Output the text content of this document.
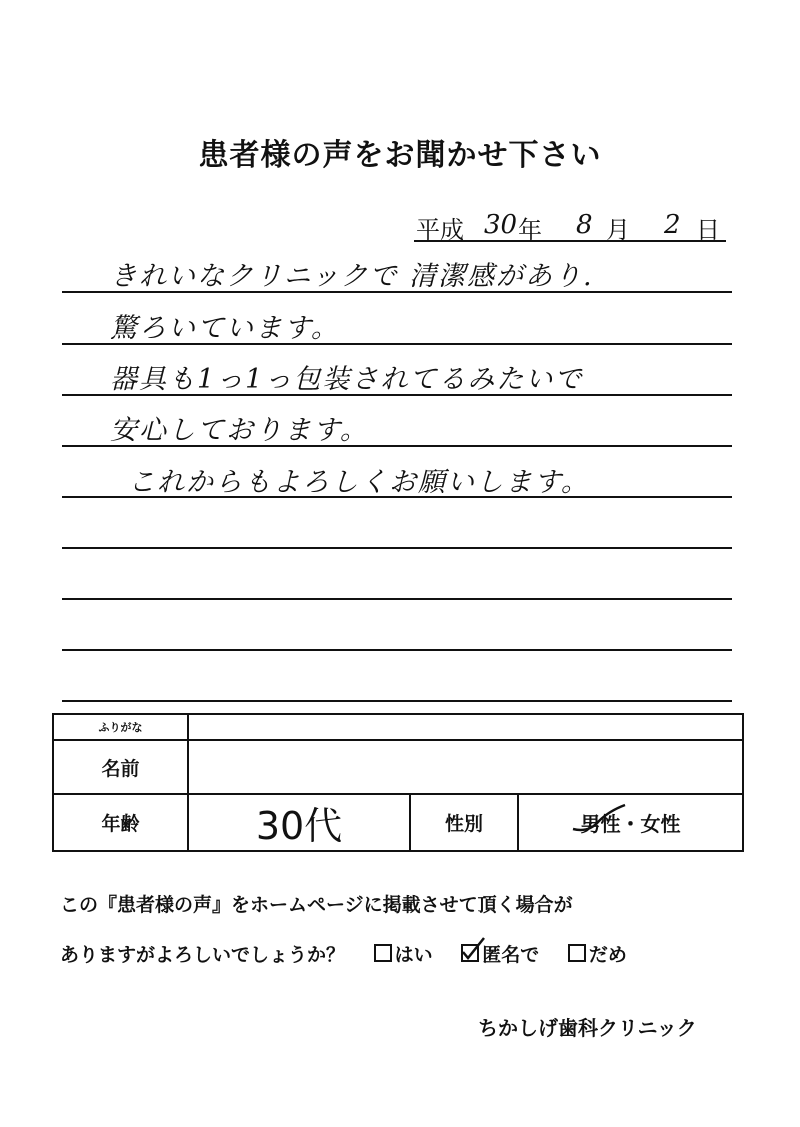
患者様の声をお聞かせ下さい
平成 30 年 8 月 2 日
きれいなクリニックで 清潔感があり.
驚ろいています。
器具も1っ1っ包装されてるみたいで
安心しております。
これからもよろしくお願いします。
ふりがな			
名前			
年齢	30代	性別	男性・女性
この『患者様の声』をホームページに掲載させて頂く場合が
ありますがよろしいでしょうか？	はい	匿名で	だめ
ちかしげ歯科クリニック
